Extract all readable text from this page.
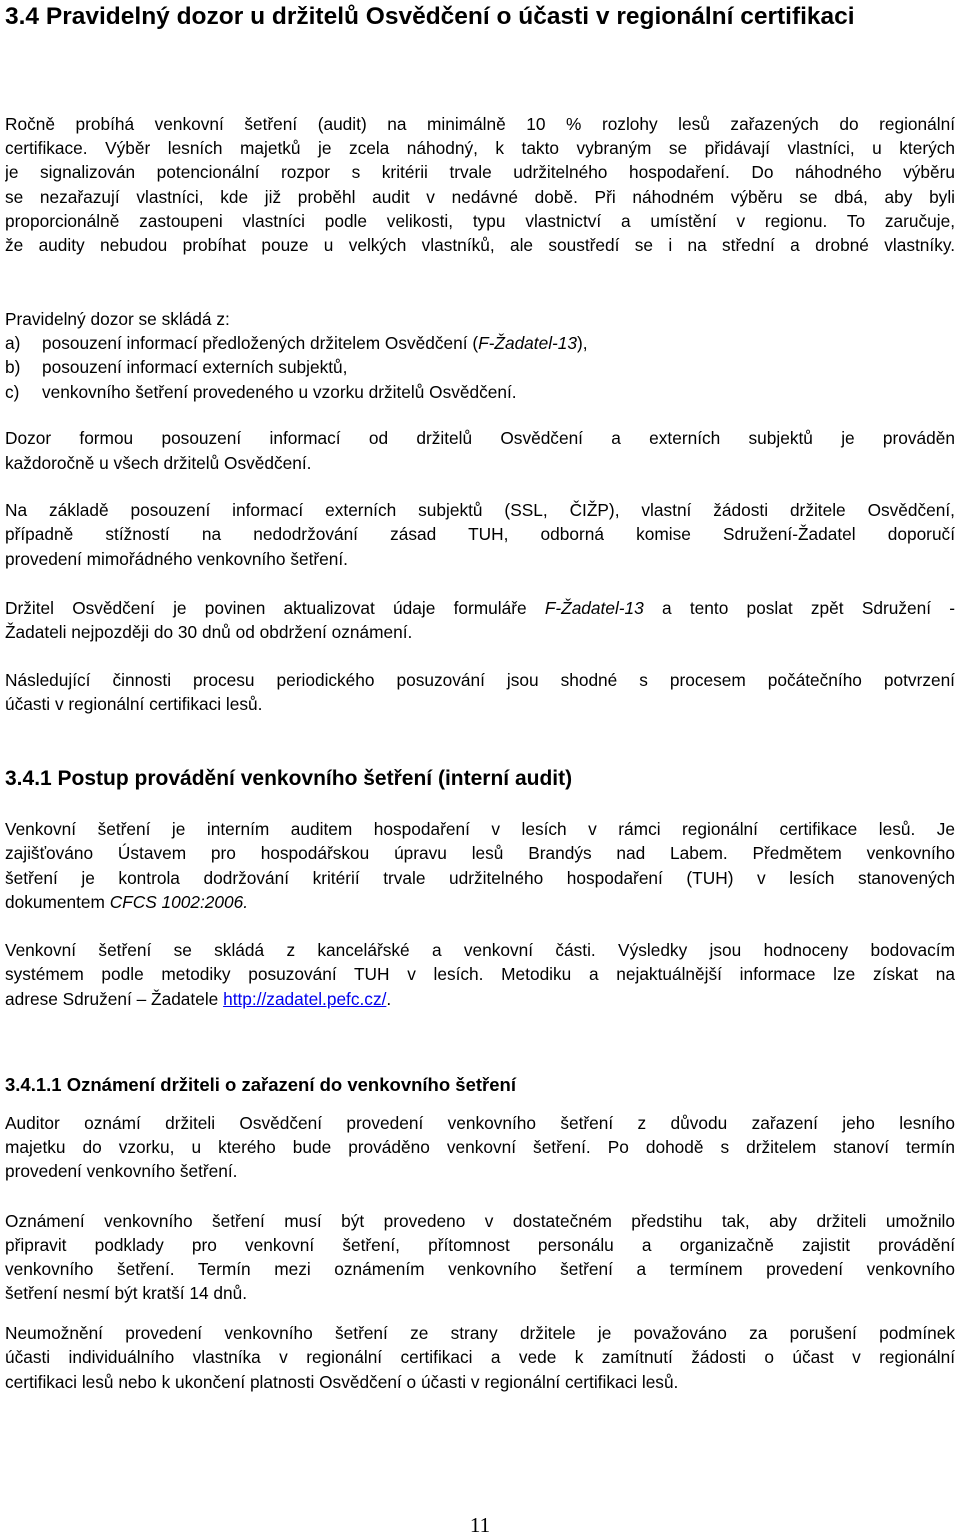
3.4 Pravidelný dozor u držitelů Osvědčení o účasti v regionální certifikaci

Ročně probíhá venkovní šetření (audit) na minimálně 10 % rozlohy lesů zařazených do regionální

certifikace. Výběr lesních majetků je zcela náhodný, k takto vybraným se přidávají vlastníci, u kterých

je signalizován potencionální rozpor s kritérii trvale udržitelného hospodaření. Do náhodného výběru

se nezařazují vlastníci, kde již proběhl audit v nedávné době. Při náhodném výběru se dbá, aby byli

proporcionálně zastoupeni vlastníci podle velikosti, typu vlastnictví a umístění v regionu. To zaručuje,

že audity nebudou probíhat pouze u velkých vlastníků, ale soustředí se i na střední a drobné vlastníky.

Pravidelný dozor se skládá z:

a)	posouzení informací předložených držitelem Osvědčení (F-Žadatel-13),
b)	posouzení informací externích subjektů,
c)	venkovního šetření provedeného u vzorku držitelů Osvědčení.

Dozor formou posouzení informací od držitelů Osvědčení a externích subjektů je prováděn

každoročně u všech držitelů Osvědčení.

Na základě posouzení informací externích subjektů (SSL, ČIŽP), vlastní žádosti držitele Osvědčení,

případně stížností na nedodržování zásad TUH, odborná komise Sdružení-Žadatel doporučí

provedení mimořádného venkovního šetření.

Držitel Osvědčení je povinen aktualizovat údaje formuláře F-Žadatel-13 a tento poslat zpět Sdružení -

Žadateli nejpozději do 30 dnů od obdržení oznámení.

Následující činnosti procesu periodického posuzování jsou shodné s procesem počátečního potvrzení

účasti v regionální certifikaci lesů.

3.4.1 Postup provádění venkovního šetření (interní audit)

Venkovní šetření je interním auditem hospodaření v lesích v rámci regionální certifikace lesů. Je

zajišťováno Ústavem pro hospodářskou úpravu lesů Brandýs nad Labem. Předmětem venkovního

šetření je kontrola dodržování kritérií trvale udržitelného hospodaření (TUH) v lesích stanovených

dokumentem CFCS 1002:2006.

Venkovní šetření se skládá z kancelářské a venkovní části. Výsledky jsou hodnoceny bodovacím

systémem podle metodiky posuzování TUH v lesích. Metodiku a nejaktuálnější informace lze získat na

adrese Sdružení – Žadatele http://zadatel.pefc.cz/.

3.4.1.1 Oznámení držiteli o zařazení do venkovního šetření

Auditor oznámí držiteli Osvědčení provedení venkovního šetření z důvodu zařazení jeho lesního

majetku do vzorku, u kterého bude prováděno venkovní šetření. Po dohodě s držitelem stanoví termín

provedení venkovního šetření.

Oznámení venkovního šetření musí být provedeno v dostatečném předstihu tak, aby držiteli umožnilo

připravit podklady pro venkovní šetření, přítomnost personálu a organizačně zajistit provádění

venkovního šetření. Termín mezi oznámením venkovního šetření a termínem provedení venkovního

šetření nesmí být kratší 14 dnů.

Neumožnění provedení venkovního šetření ze strany držitele je považováno za porušení podmínek

účasti individuálního vlastníka v regionální certifikaci a vede k zamítnutí žádosti o účast v regionální

certifikaci lesů nebo k ukončení platnosti Osvědčení o účasti v regionální certifikaci lesů.

11
